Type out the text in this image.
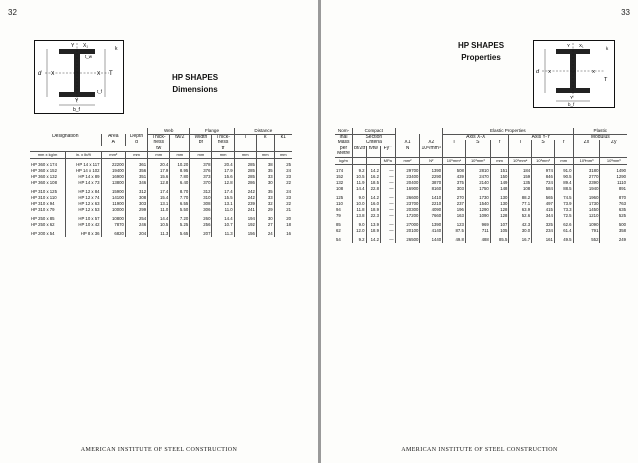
32
Y X₁	k
t_w
d X	X T
t_f
Y
b_f
HP SHAPES
Dimensions
				Web		Flange		Distance		
Designation		Area	Depth	Thick-	tw/2	Width	Thick-	T	k	k1
		A	d	ness		bf	ness			
				tw			tf			
mm x kg/m	in. x lb/ft	mm²	mm	mm	mm	mm	mm	mm	mm	mm

HP 360 x 174	HP 14 x 117	22200	361	20.4	10.20	378	20.4	285	38	25
HP 360 x 152	HP 14 x 102	19400	356	17.9	8.95	376	17.9	285	35	24
HP 360 x 132	HP 14 x 89	16900	351	15.6	7.80	373	15.6	285	33	23
HP 360 x 108	HP 14 x 73	13800	346	12.8	6.40	370	12.8	286	30	22

HP 310 x 125	HP 12 x 84	15900	312	17.4	8.70	312	17.4	242	35	24
HP 310 x 110	HP 12 x 74	14100	308	15.4	7.70	310	15.5	242	33	23
HP 310 x 94	HP 12 x 63	11900	303	13.1	6.55	308	13.1	239	32	22
HP 310 x 79	HP 12 x 53	10000	299	11.0	5.50	306	11.0	241	29	21

HP 250 x 85	HP 10 x 57	10800	254	14.4	7.20	260	14.4	194	30	20
HP 250 x 62	HP 10 x 42	7870	246	10.5	5.25	256	10.7	192	27	18

HP 200 x 54	HP 8 x 36	6820	204	11.3	5.65	207	11.3	156	24	16
AMERICAN INSTITUTE OF STEEL CONSTRUCTION
33
HP SHAPES
Properties
Y X₁
k
d X	X
T
Y
b_f
Nom-	Compact					Elastic Properties						Plastic	
inal	Section					Axis X-X			Axis Y-Y			Modulus	
Mass	Criteria			X1	X2	I	S	r	I	S	r	Zx	Zy
per	bf/2tf	h/tw	Fy'''	N	10⁶/mm⁴								
Metre													
kg/m			MPa	mm²	N²	10⁶mm⁴	10³mm³	mm	10⁶mm⁴	10³mm³	mm	10³mm³	10³mm³

174	9.2	14.2	—	29700	1390	508	2810	151	184	974	91.0	3180	1490
152	10.5	16.2	—	23400	2290	439	2470	150	159	846	90.5	2770	1290
132	11.9	18.5	—	20400	3870	375	2140	149	135	724	89.4	2390	1110
108	14.4	22.8	—	16900	8160	303	1750	148	108	584	88.5	1940	891

125	9.0	14.2	—	26600	1410	270	1730	130	88.2	565	74.5	1960	870
110	10.0	16.0	—	23700	2210	237	1540	130	77.1	497	73.9	1730	763
94	11.8	18.9	—	20300	4090	196	1290	128	63.9	415	73.3	1450	635
79	13.8	22.3	—	17200	7660	163	1090	128	52.6	344	72.5	1210	525

85	9.0	13.9	—	27000	1390	123	969	107	42.3	325	62.6	1090	500
62	12.0	18.9	—	20100	4140	87.5	711	105	30.0	234	61.4	791	358

54	9.2	14.2	—	26500	1440	49.8	488	85.5	16.7	161	49.5	552	249
AMERICAN INSTITUTE OF STEEL CONSTRUCTION
